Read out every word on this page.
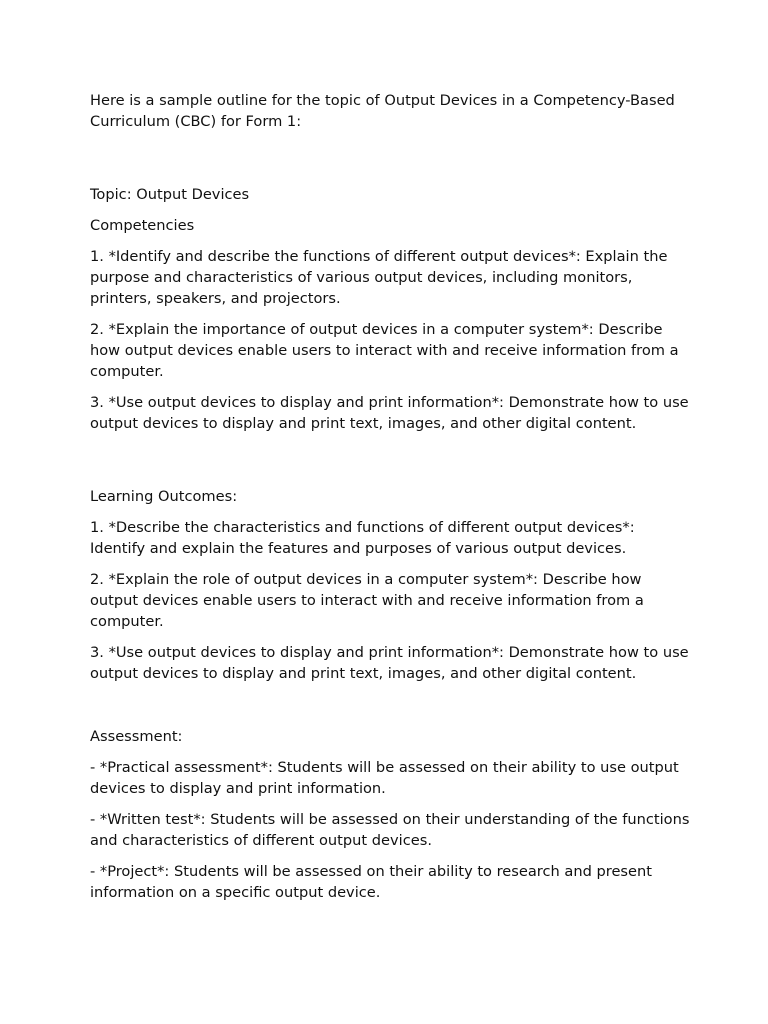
Here is a sample outline for the topic of Output Devices in a Competency-Based Curriculum (CBC) for Form 1:

Topic: Output Devices

Competencies

1. *Identify and describe the functions of different output devices*: Explain the purpose and characteristics of various output devices, including monitors, printers, speakers, and projectors.

2. *Explain the importance of output devices in a computer system*: Describe how output devices enable users to interact with and receive information from a computer.

3. *Use output devices to display and print information*: Demonstrate how to use output devices to display and print text, images, and other digital content.

Learning Outcomes:

1. *Describe the characteristics and functions of different output devices*: Identify and explain the features and purposes of various output devices.

2. *Explain the role of output devices in a computer system*: Describe how output devices enable users to interact with and receive information from a computer.

3. *Use output devices to display and print information*: Demonstrate how to use output devices to display and print text, images, and other digital content.

Assessment:

- *Practical assessment*: Students will be assessed on their ability to use output devices to display and print information.

- *Written test*: Students will be assessed on their understanding of the functions and characteristics of different output devices.

- *Project*: Students will be assessed on their ability to research and present information on a specific output device.
